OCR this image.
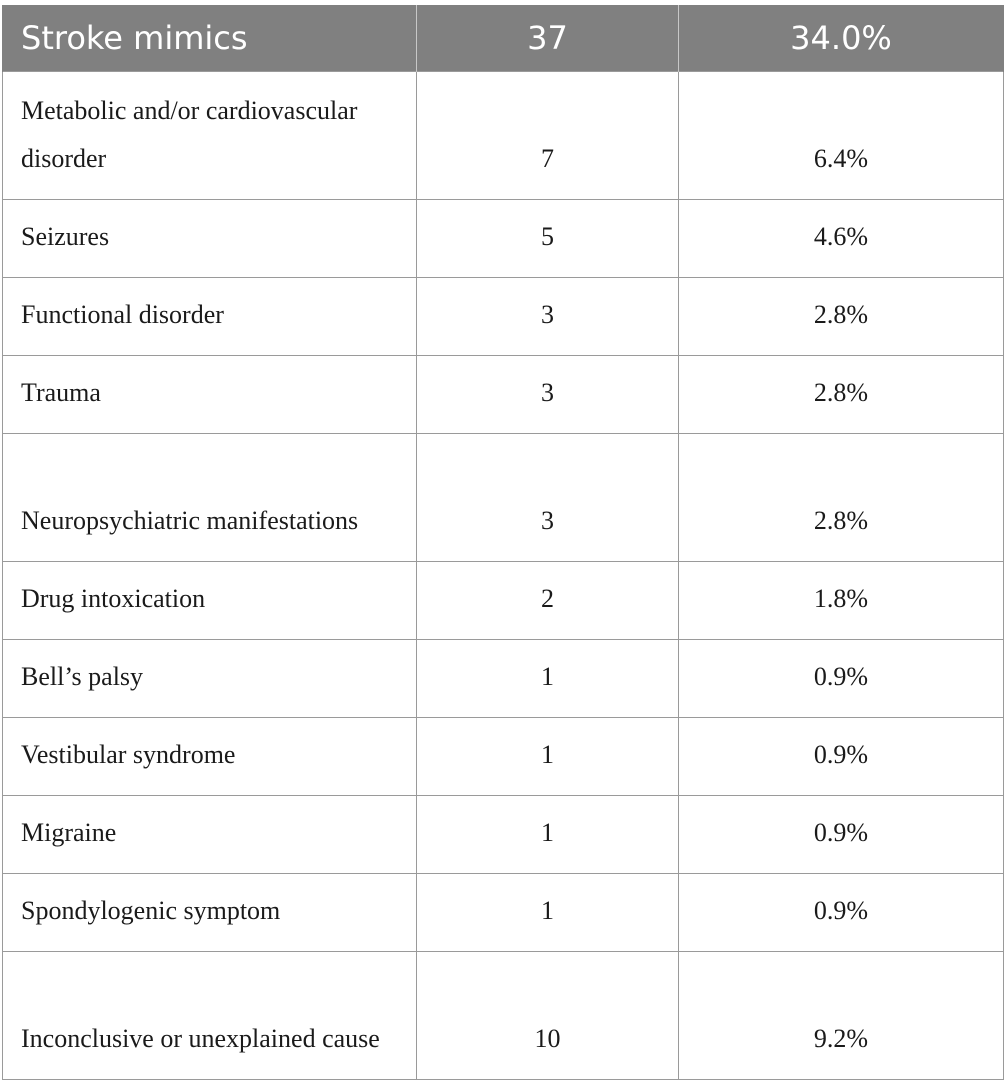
Stroke mimics	37	34.0%
Metabolic and/or cardiovascular disorder	7	6.4%
Seizures	5	4.6%
Functional disorder	3	2.8%
Trauma	3	2.8%
Neuropsychiatric manifestations	3	2.8%
Drug intoxication	2	1.8%
Bell’s palsy	1	0.9%
Vestibular syndrome	1	0.9%
Migraine	1	0.9%
Spondylogenic symptom	1	0.9%
Inconclusive or unexplained cause	10	9.2%
